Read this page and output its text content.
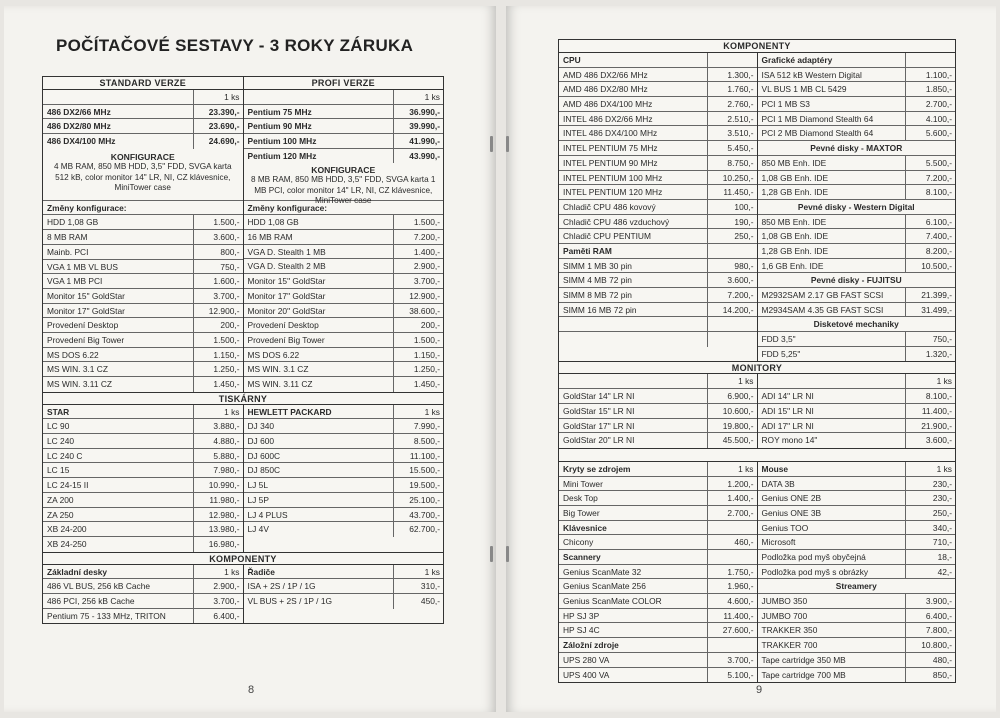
POČÍTAČOVÉ SESTAVY - 3 ROKY ZÁRUKA
STANDARD VERZE
1 ks
486 DX2/66 MHz	23.390,-
486 DX2/80 MHz	23.690,-
486 DX4/100 MHz	24.690,-
KONFIGURACE
4 MB RAM, 850 MB HDD, 3,5" FDD, SVGA karta 512 kB, color monitor 14" LR, NI, CZ klávesnice, MiniTower case
Změny konfigurace:
HDD 1,08 GB	1.500,-
8 MB RAM	3.600,-
Mainb. PCI	800,-
VGA 1 MB VL BUS	750,-
VGA 1 MB PCI	1.600,-
Monitor 15" GoldStar	3.700,-
Monitor 17" GoldStar	12.900,-
Provedení Desktop	200,-
Provedení Big Tower	1.500,-
MS DOS 6.22	1.150,-
MS WIN. 3.1 CZ	1.250,-
MS WIN. 3.11 CZ	1.450,-
PROFI VERZE
1 ks
Pentium 75 MHz	36.990,-
Pentium 90 MHz	39.990,-
Pentium 100 MHz	41.990,-
Pentium 120 MHz	43.990,-
KONFIGURACE
8 MB RAM, 850 MB HDD, 3,5" FDD, SVGA karta 1 MB PCI, color monitor 14" LR, NI, CZ klávesnice, MiniTower case
Změny konfigurace:
HDD 1,08 GB	1.500,-
16 MB RAM	7.200,-
VGA D. Stealth 1 MB	1.400,-
VGA D. Stealth 2 MB	2.900,-
Monitor 15" GoldStar	3.700,-
Monitor 17" GoldStar	12.900,-
Monitor 20" GoldStar	38.600,-
Provedení Desktop	200,-
Provedení Big Tower	1.500,-
MS DOS 6.22	1.150,-
MS WIN. 3.1 CZ	1.250,-
MS WIN. 3.11 CZ	1.450,-
TISKÁRNY
STAR	1 ks
LC 90	3.880,-
LC 240	4.880,-
LC 240 C	5.880,-
LC 15	7.980,-
LC 24-15 II	10.990,-
ZA 200	11.980,-
ZA 250	12.980,-
XB 24-200	13.980,-
XB 24-250	16.980,-
HEWLETT PACKARD	1 ks
DJ 340	7.990,-
DJ 600	8.500,-
DJ 600C	11.100,-
DJ 850C	15.500,-
LJ 5L	19.500,-
LJ 5P	25.100,-
LJ 4 PLUS	43.700,-
LJ 4V	62.700,-
KOMPONENTY
Základní desky	1 ks
486 VL BUS, 256 kB Cache	2.900,-
486 PCI, 256 kB Cache	3.700,-
Pentium 75 - 133 MHz, TRITON	6.400,-
Řadiče	1 ks
ISA + 2S / 1P / 1G	310,-
VL BUS + 2S / 1P / 1G	450,-
8
KOMPONENTY
CPU
AMD 486 DX2/66 MHz	1.300,-
AMD 486 DX2/80 MHz	1.760,-
AMD 486 DX4/100 MHz	2.760,-
INTEL 486 DX2/66 MHz	2.510,-
INTEL 486 DX4/100 MHz	3.510,-
INTEL PENTIUM 75 MHz	5.450,-
INTEL PENTIUM 90 MHz	8.750,-
INTEL PENTIUM 100 MHz	10.250,-
INTEL PENTIUM 120 MHz	11.450,-
Chladič CPU 486 kovový	100,-
Chladič CPU 486 vzduchový	190,-
Chladič CPU PENTIUM	250,-
Paměti RAM
SIMM 1 MB 30 pin	980,-
SIMM 4 MB 72 pin	3.600,-
SIMM 8 MB 72 pin	7.200,-
SIMM 16 MB 72 pin	14.200,-
Grafické adaptéry
ISA 512 kB Western Digital	1.100,-
VL BUS 1 MB CL 5429	1.850,-
PCI 1 MB S3	2.700,-
PCI 1 MB Diamond Stealth 64	4.100,-
PCI 2 MB Diamond Stealth 64	5.600,-
Pevné disky - MAXTOR
850 MB Enh. IDE	5.500,-
1,08 GB Enh. IDE	7.200,-
1,28 GB Enh. IDE	8.100,-
Pevné disky - Western Digital
850 MB Enh. IDE	6.100,-
1,08 GB Enh. IDE	7.400,-
1,28 GB Enh. IDE	8.200,-
1,6 GB Enh. IDE	10.500,-
Pevné disky - FUJITSU
M2932SAM 2.17 GB FAST SCSI	21.399,-
M2934SAM 4.35 GB FAST SCSI	31.499,-
Disketové mechaniky
FDD 3,5"	750,-
FDD 5,25"	1.320,-
MONITORY
1 ks
GoldStar 14" LR NI	6.900,-
GoldStar 15" LR NI	10.600,-
GoldStar 17" LR NI	19.800,-
GoldStar 20" LR NI	45.500,-
1 ks
ADI 14" LR NI	8.100,-
ADI 15" LR NI	11.400,-
ADI 17" LR NI	21.900,-
ROY mono 14"	3.600,-
Kryty se zdrojem	1 ks
Mini Tower	1.200,-
Desk Top	1.400,-
Big Tower	2.700,-
Klávesnice
Chicony	460,-
Scannery
Genius ScanMate 32	1.750,-
Genius ScanMate 256	1.960,-
Genius ScanMate COLOR	4.600,-
HP SJ 3P	11.400,-
HP SJ 4C	27.600,-
Záložní zdroje
UPS 280 VA	3.700,-
UPS 400 VA	5.100,-
Mouse	1 ks
DATA 3B	230,-
Genius ONE 2B	230,-
Genius ONE 3B	250,-
Genius TOO	340,-
Microsoft	710,-
Podložka pod myš obyčejná	18,-
Podložka pod myš s obrázky	42,-
Streamery
JUMBO 350	3.900,-
JUMBO 700	6.400,-
TRAKKER 350	7.800,-
TRAKKER 700	10.800,-
Tape cartridge 350 MB	480,-
Tape cartridge 700 MB	850,-
9
